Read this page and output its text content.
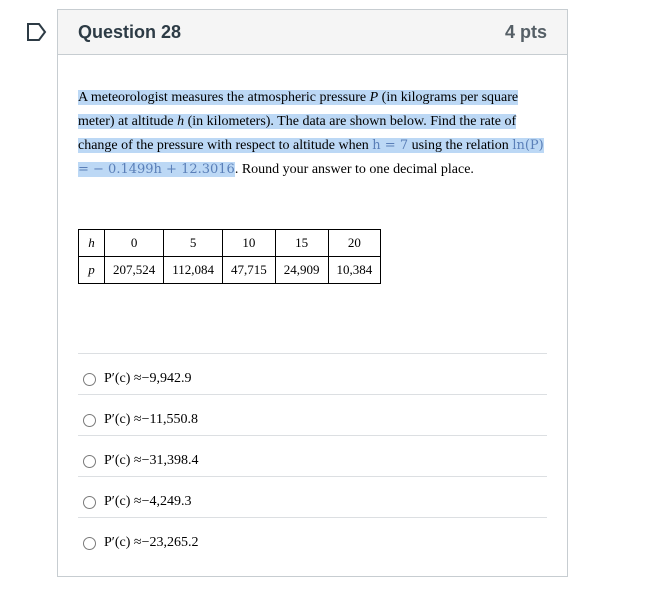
Question 28	4 pts
A meteorologist measures the atmospheric pressure P (in kilograms per square meter) at altitude h (in kilometers). The data are shown below. Find the rate of change of the pressure with respect to altitude when h = 7 using the relation ln(P) = − 0.1499h + 12.3016. Round your answer to one decimal place.
h	0	5	10	15	20
p	207,524	112,084	47,715	24,909	10,384
P′(c) ≈−9,942.9
P′(c) ≈−11,550.8
P′(c) ≈−31,398.4
P′(c) ≈−4,249.3
P′(c) ≈−23,265.2
